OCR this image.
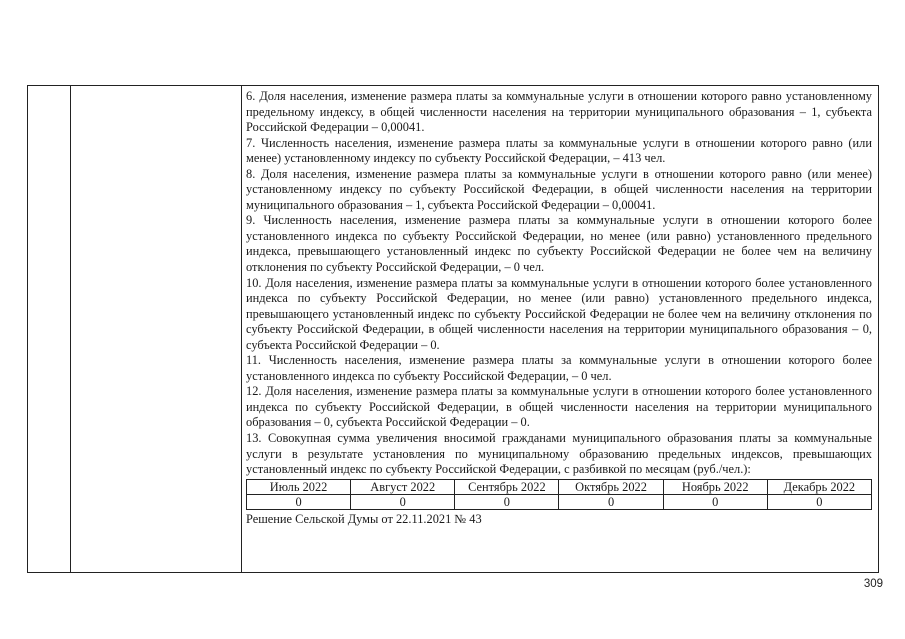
6. Доля населения, изменение размера платы за коммунальные услуги в отношении которого равно установленному предельному индексу, в общей численности населения на территории муниципального образования – 1, субъекта Российской Федерации – 0,00041.

7. Численность населения, изменение размера платы за коммунальные услуги в отношении которого равно (или менее) установленному индексу по субъекту Российской Федерации, – 413 чел.

8. Доля населения, изменение размера платы за коммунальные услуги в отношении которого равно (или менее) установленному индексу по субъекту Российской Федерации, в общей численности населения на территории муниципального образования – 1, субъекта Российской Федерации – 0,00041.

9. Численность населения, изменение размера платы за коммунальные услуги в отношении которого более установленного индекса по субъекту Российской Федерации, но менее (или равно) установленного предельного индекса, превышающего установленный индекс по субъекту Российской Федерации не более чем на величину отклонения по субъекту Российской Федерации, – 0 чел.

10. Доля населения, изменение размера платы за коммунальные услуги в отношении которого более установленного индекса по субъекту Российской Федерации, но менее (или равно) установленного предельного индекса, превышающего установленный индекс по субъекту Российской Федерации не более чем на величину отклонения по субъекту Российской Федерации, в общей численности населения на территории муниципального образования – 0, субъекта Российской Федерации – 0.

11. Численность населения, изменение размера платы за коммунальные услуги в отношении которого более установленного индекса по субъекту Российской Федерации, – 0 чел.

12. Доля населения, изменение размера платы за коммунальные услуги в отношении которого более установленного индекса по субъекту Российской Федерации, в общей численности населения на территории муниципального образования – 0, субъекта Российской Федерации – 0.

13. Совокупная сумма увеличения вносимой гражданами муниципального образования платы за коммунальные услуги в результате установления по муниципальному образованию предельных индексов, превышающих установленный индекс по субъекту Российской Федерации, с разбивкой по месяцам (руб./чел.):

Июль 2022	Август 2022	Сентябрь 2022	Октябрь 2022	Ноябрь 2022	Декабрь 2022
0	0	0	0	0	0
Решение Сельской Думы от 22.11.2021 № 43
309
